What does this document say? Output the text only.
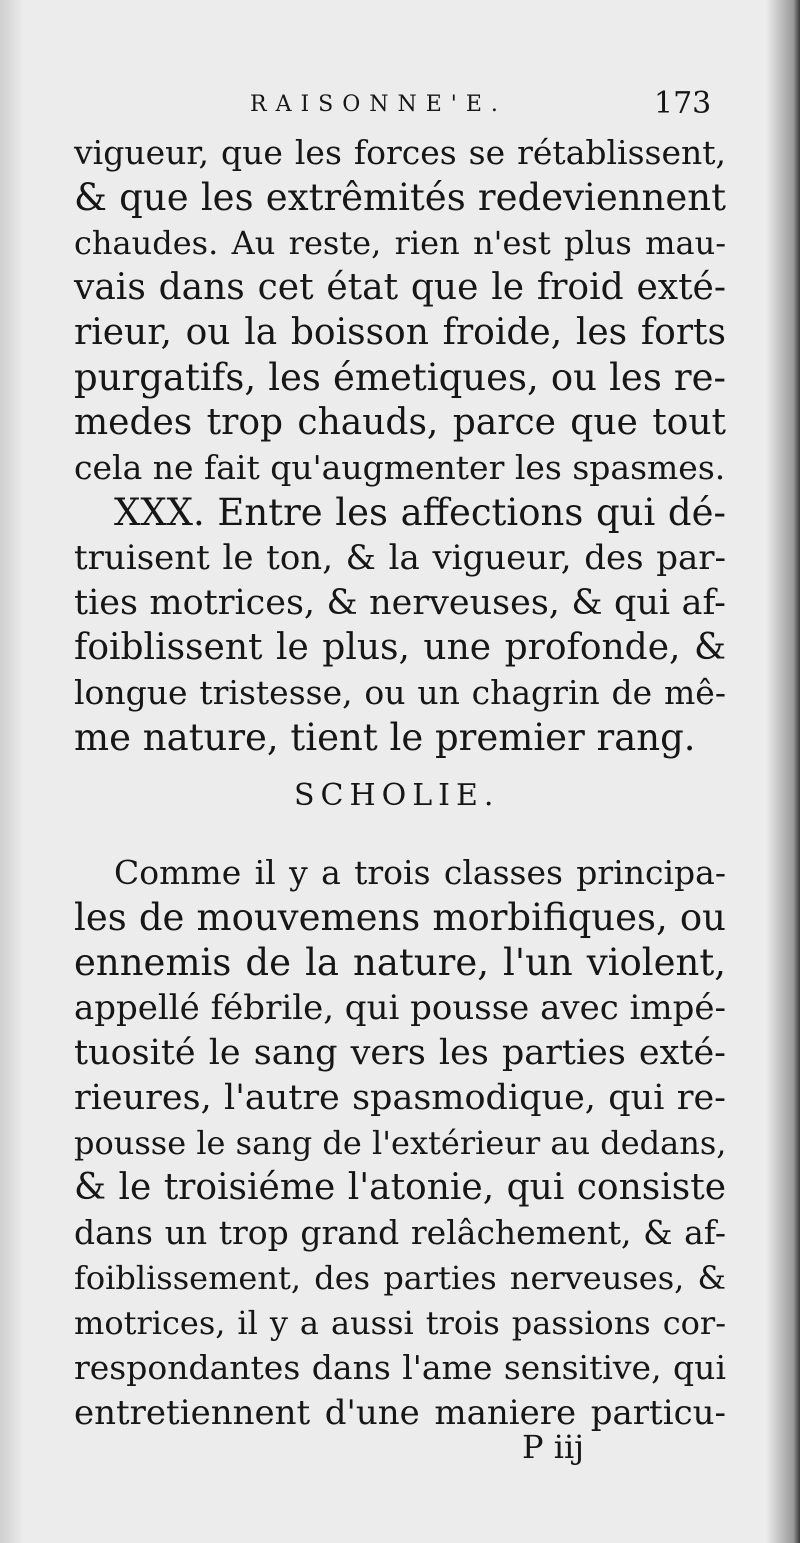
RAISONNE'E.	173
vigueur, que les forces se rétablissent,
& que les extrêmités redeviennent
chaudes. Au reste, rien n'est plus mau-
vais dans cet état que le froid exté-
rieur, ou la boisson froide, les forts
purgatifs, les émetiques, ou les re-
medes trop chauds, parce que tout
cela ne fait qu'augmenter les spasmes.
XXX. Entre les affections qui dé-
truisent le ton, & la vigueur, des par-
ties motrices, & nerveuses, & qui af-
foiblissent le plus, une profonde, &
longue tristesse, ou un chagrin de mê-
me nature, tient le premier rang.
SCHOLIE.
Comme il y a trois classes principa-
les de mouvemens morbifiques, ou
ennemis de la nature, l'un violent,
appellé fébrile, qui pousse avec impé-
tuosité le sang vers les parties exté-
rieures, l'autre spasmodique, qui re-
pousse le sang de l'extérieur au dedans,
& le troisiéme l'atonie, qui consiste
dans un trop grand relâchement, & af-
foiblissement, des parties nerveuses, &
motrices, il y a aussi trois passions cor-
respondantes dans l'ame sensitive, qui
entretiennent d'une maniere particu-
P iij
